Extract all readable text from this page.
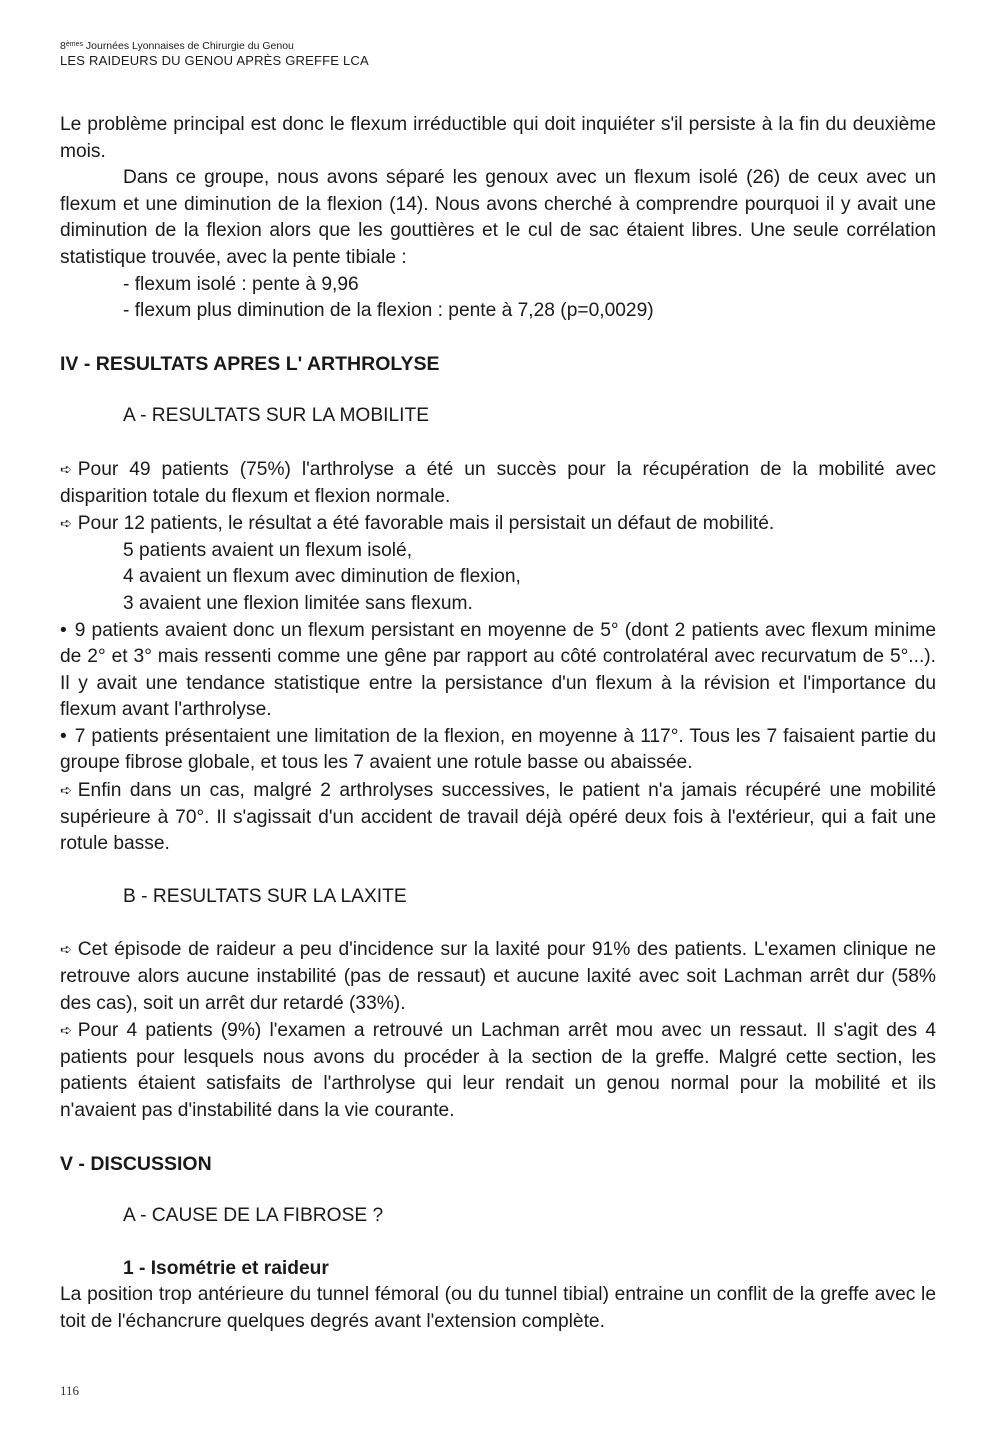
8èmes Journées Lyonnaises de Chirurgie du Genou
LES RAIDEURS DU GENOU APRÈS GREFFE LCA

Le problème principal est donc le flexum irréductible qui doit inquiéter s'il persiste à la fin du deuxième mois.

Dans ce groupe, nous avons séparé les genoux avec un flexum isolé (26) de ceux avec un flexum et une diminution de la flexion (14). Nous avons cherché à comprendre pourquoi il y avait une diminution de la flexion alors que les gouttières et le cul de sac étaient libres. Une seule corrélation statistique trouvée, avec la pente tibiale :

- flexum isolé : pente à 9,96

- flexum plus diminution de la flexion : pente à 7,28 (p=0,0029)

IV - RESULTATS APRES L' ARTHROLYSE

A - RESULTATS SUR LA MOBILITE

➪ Pour 49 patients (75%) l'arthrolyse a été un succès pour la récupération de la mobilité avec disparition totale du flexum et flexion normale.

➪ Pour 12 patients, le résultat a été favorable mais il persistait un défaut de mobilité.

5 patients avaient un flexum isolé,

4 avaient un flexum avec diminution de flexion,

3 avaient une flexion limitée sans flexum.

• 9 patients avaient donc un flexum persistant en moyenne de 5° (dont 2 patients avec flexum minime de 2° et 3° mais ressenti comme une gêne par rapport au côté controlatéral avec recurvatum de 5°...). Il y avait une tendance statistique entre la persistance d'un flexum à la révision et l'importance du flexum avant l'arthrolyse.

• 7 patients présentaient une limitation de la flexion, en moyenne à 117°. Tous les 7 faisaient partie du groupe fibrose globale, et tous les 7 avaient une rotule basse ou abaissée.

➪ Enfin dans un cas, malgré 2 arthrolyses successives, le patient n'a jamais récupéré une mobilité supérieure à 70°. Il s'agissait d'un accident de travail déjà opéré deux fois à l'extérieur, qui a fait une rotule basse.

B - RESULTATS SUR LA LAXITE

➪ Cet épisode de raideur a peu d'incidence sur la laxité pour 91% des patients. L'examen clinique ne retrouve alors aucune instabilité (pas de ressaut) et aucune laxité avec soit Lachman arrêt dur (58% des cas), soit un arrêt dur retardé (33%).

➪ Pour 4 patients (9%) l'examen a retrouvé un Lachman arrêt mou avec un ressaut. Il s'agit des 4 patients pour lesquels nous avons du procéder à la section de la greffe. Malgré cette section, les patients étaient satisfaits de l'arthrolyse qui leur rendait un genou normal pour la mobilité et ils n'avaient pas d'instabilité dans la vie courante.

V - DISCUSSION

A - CAUSE DE LA FIBROSE ?

1 - Isométrie et raideur

La position trop antérieure du tunnel fémoral (ou du tunnel tibial) entraine un conflit de la greffe avec le toit de l'échancrure quelques degrés avant l'extension complète.

116
